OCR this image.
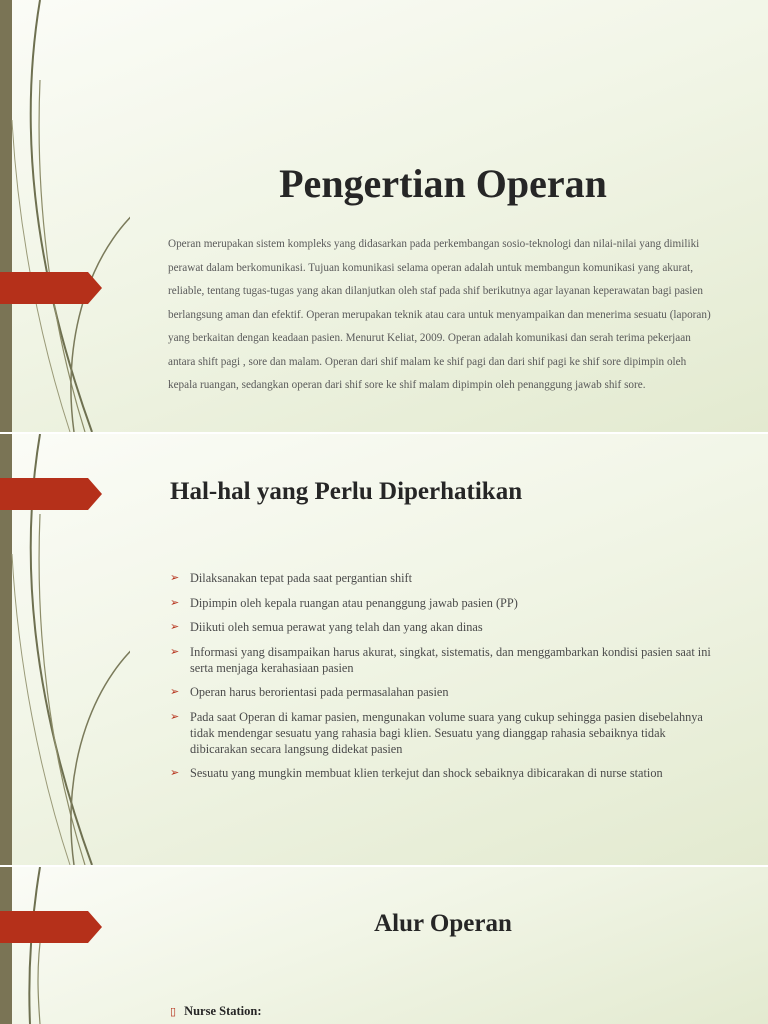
Pengertian Operan

Operan merupakan sistem kompleks yang didasarkan pada perkembangan sosio-teknologi dan nilai-nilai yang dimiliki perawat dalam berkomunikasi. Tujuan komunikasi selama operan adalah untuk membangun komunikasi yang akurat, reliable, tentang tugas-tugas yang akan dilanjutkan oleh staf pada shif berikutnya agar layanan keperawatan bagi pasien berlangsung aman dan efektif. Operan merupakan teknik atau cara untuk menyampaikan dan menerima sesuatu (laporan) yang berkaitan dengan keadaan pasien. Menurut Keliat, 2009. Operan adalah komunikasi dan serah terima pekerjaan antara shift pagi , sore dan malam. Operan dari shif malam ke shif pagi dan dari shif pagi ke shif sore dipimpin oleh kepala ruangan, sedangkan operan dari shif sore ke shif malam dipimpin oleh penanggung jawab shif sore.

Hal-hal yang Perlu Diperhatikan
➢ Dilaksanakan tepat pada saat pergantian shift
➢ Dipimpin oleh kepala ruangan atau penanggung jawab pasien (PP)
➢ Diikuti oleh semua perawat yang telah dan yang akan dinas
➢ Informasi yang disampaikan harus akurat, singkat, sistematis, dan menggambarkan kondisi pasien saat ini serta menjaga kerahasiaan pasien
➢ Operan harus berorientasi pada permasalahan pasien
➢ Pada saat Operan di kamar pasien, mengunakan volume suara yang cukup sehingga pasien disebelahnya tidak mendengar sesuatu yang rahasia bagi klien. Sesuatu yang dianggap rahasia sebaiknya tidak dibicarakan secara langsung didekat pasien
➢ Sesuatu yang mungkin membuat klien terkejut dan shock sebaiknya dibicarakan di nurse station
Alur Operan
▯ Nurse Station:
